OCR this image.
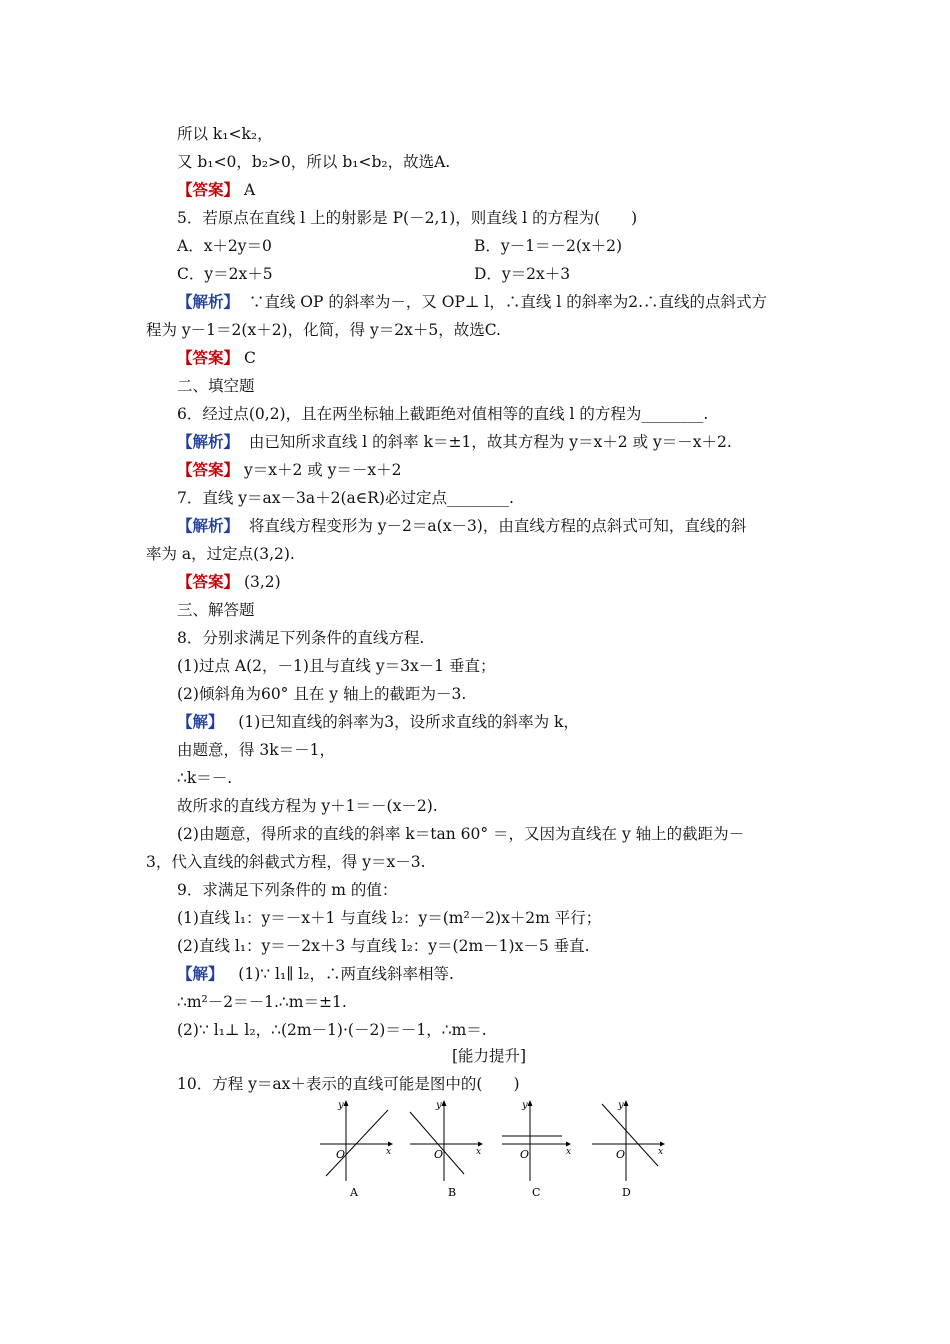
所以 k₁<k₂，
又 b₁<0，b₂>0，所以 b₁<b₂，故选A.
【答案】 A
5．若原点在直线 l 上的射影是 P(－2,1)，则直线 l 的方程为(　　)
A．x＋2y＝0	B．y－1＝－2(x＋2)
C．y＝2x＋5	D．y＝2x＋3
【解析】 ∵直线 OP 的斜率为－，又 OP⊥ l，∴直线 l 的斜率为2.∴直线的点斜式方
程为 y－1＝2(x＋2)，化简，得 y＝2x＋5，故选C.
【答案】 C
二、填空题
6．经过点(0,2)，且在两坐标轴上截距绝对值相等的直线 l 的方程为________.
【解析】 由已知所求直线 l 的斜率 k＝±1，故其方程为 y＝x＋2 或 y＝－x＋2.
【答案】 y＝x＋2 或 y＝－x＋2
7．直线 y＝ax－3a＋2(a∈R)必过定点________.
【解析】 将直线方程变形为 y－2＝a(x－3)，由直线方程的点斜式可知，直线的斜
率为 a，过定点(3,2).
【答案】 (3,2)
三、解答题
8．分别求满足下列条件的直线方程.
(1)过点 A(2，－1)且与直线 y＝3x－1 垂直；
(2)倾斜角为60° 且在 y 轴上的截距为－3.
【解】 (1)已知直线的斜率为3，设所求直线的斜率为 k，
由题意，得 3k＝－1，
∴k＝－.
故所求的直线方程为 y＋1＝－(x－2).
(2)由题意，得所求的直线的斜率 k＝tan 60° ＝，又因为直线在 y 轴上的截距为－
3，代入直线的斜截式方程，得 y＝x－3.
9．求满足下列条件的 m 的值：
(1)直线 l₁：y＝－x＋1 与直线 l₂：y＝(m²－2)x＋2m 平行；
(2)直线 l₁：y＝－2x＋3 与直线 l₂：y＝(2m－1)x－5 垂直.
【解】 (1)∵ l₁∥ l₂，∴两直线斜率相等.
∴m²－2＝－1.∴m＝±1.
(2)∵ l₁⊥ l₂，∴(2m－1)·(－2)＝－1，∴m＝.
[能力提升]
10．方程 y＝ax＋表示的直线可能是图中的(　　)
y
x
O
A
y
x
O
B
y
x
O
C
y
x
O
D
